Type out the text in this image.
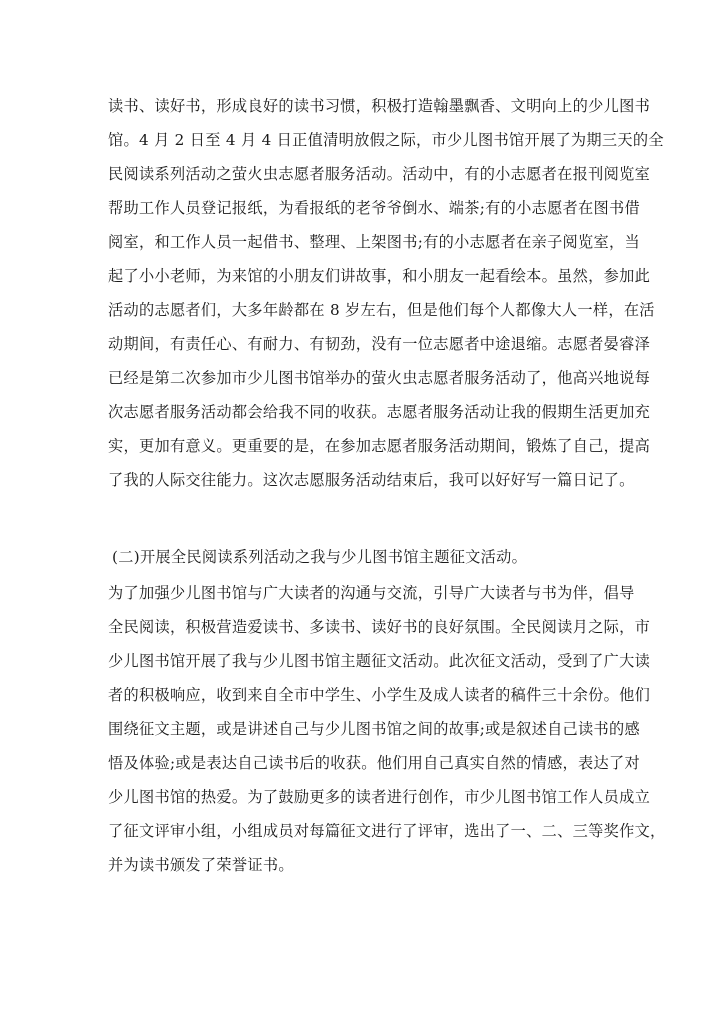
读书、读好书，形成良好的读书习惯，积极打造翰墨飘香、文明向上的少儿图书
馆。4 月 2 日至 4 月 4 日正值清明放假之际，市少儿图书馆开展了为期三天的全
民阅读系列活动之萤火虫志愿者服务活动。活动中，有的小志愿者在报刊阅览室
帮助工作人员登记报纸，为看报纸的老爷爷倒水、端茶;有的小志愿者在图书借
阅室，和工作人员一起借书、整理、上架图书;有的小志愿者在亲子阅览室，当
起了小小老师，为来馆的小朋友们讲故事，和小朋友一起看绘本。虽然，参加此
活动的志愿者们，大多年龄都在 8 岁左右，但是他们每个人都像大人一样，在活
动期间，有责任心、有耐力、有韧劲，没有一位志愿者中途退缩。志愿者晏睿泽
已经是第二次参加市少儿图书馆举办的萤火虫志愿者服务活动了，他高兴地说每
次志愿者服务活动都会给我不同的收获。志愿者服务活动让我的假期生活更加充
实，更加有意义。更重要的是，在参加志愿者服务活动期间，锻炼了自己，提高
了我的人际交往能力。这次志愿服务活动结束后，我可以好好写一篇日记了。
(二)开展全民阅读系列活动之我与少儿图书馆主题征文活动。
为了加强少儿图书馆与广大读者的沟通与交流，引导广大读者与书为伴，倡导
全民阅读，积极营造爱读书、多读书、读好书的良好氛围。全民阅读月之际，市
少儿图书馆开展了我与少儿图书馆主题征文活动。此次征文活动，受到了广大读
者的积极响应，收到来自全市中学生、小学生及成人读者的稿件三十余份。他们
围绕征文主题，或是讲述自己与少儿图书馆之间的故事;或是叙述自己读书的感
悟及体验;或是表达自己读书后的收获。他们用自己真实自然的情感，表达了对
少儿图书馆的热爱。为了鼓励更多的读者进行创作，市少儿图书馆工作人员成立
了征文评审小组，小组成员对每篇征文进行了评审，选出了一、二、三等奖作文，
并为读书颁发了荣誉证书。
